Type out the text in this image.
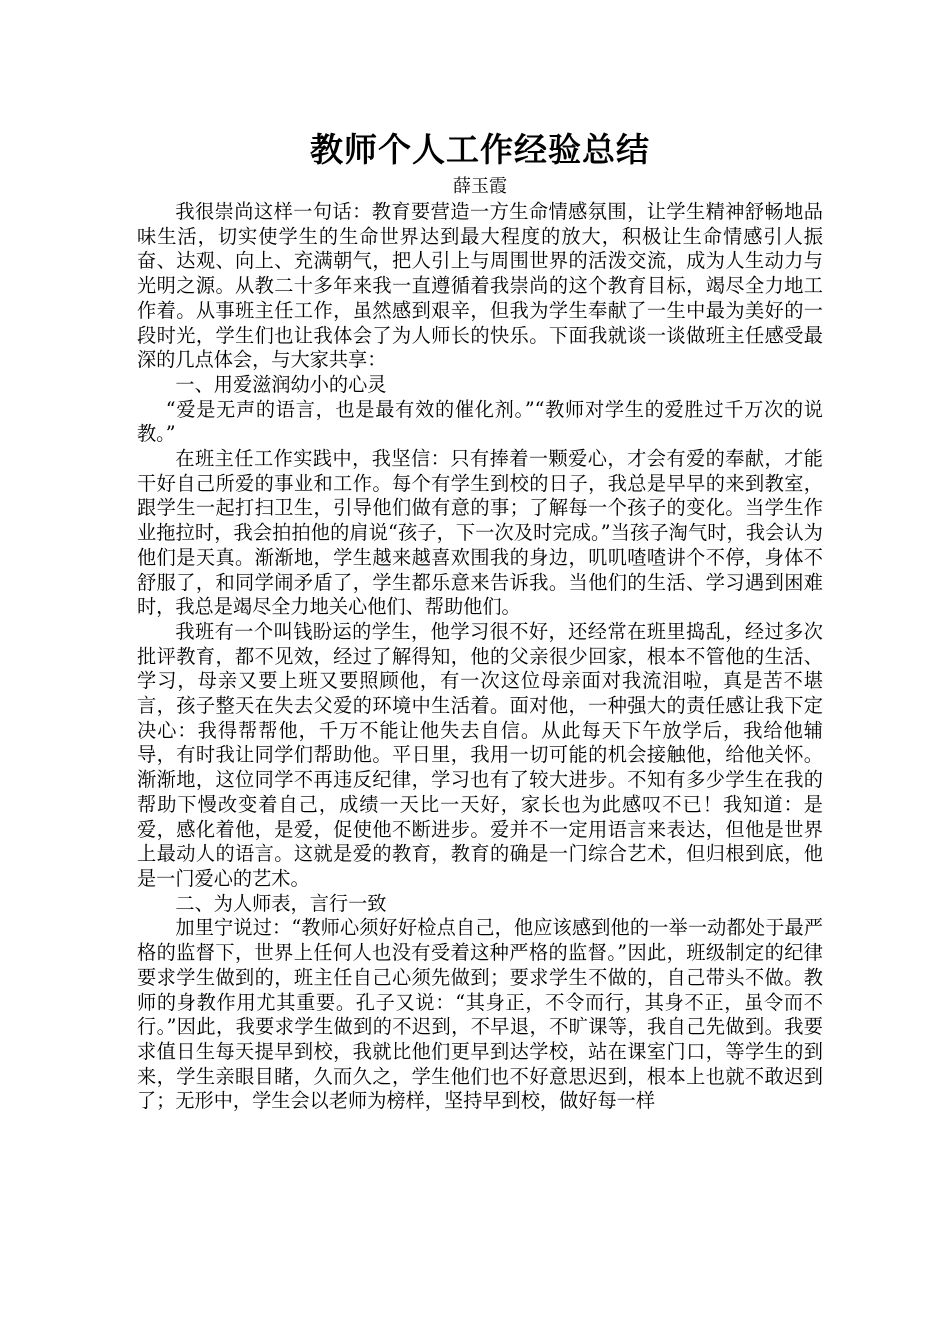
教师个人工作经验总结

薛玉霞

我很崇尚这样一句话：教育要营造一方生命情感氛围，让学生精神舒畅地品味生活，切实使学生的生命世界达到最大程度的放大，积极让生命情感引人振奋、达观、向上、充满朝气，把人引上与周围世界的活泼交流，成为人生动力与光明之源。从教二十多年来我一直遵循着我崇尚的这个教育目标，竭尽全力地工作着。从事班主任工作，虽然感到艰辛，但我为学生奉献了一生中最为美好的一段时光，学生们也让我体会了为人师长的快乐。下面我就谈一谈做班主任感受最深的几点体会，与大家共享：

一、用爱滋润幼小的心灵

“爱是无声的语言，也是最有效的催化剂。”“教师对学生的爱胜过千万次的说教。”

在班主任工作实践中，我坚信：只有捧着一颗爱心，才会有爱的奉献，才能干好自己所爱的事业和工作。每个有学生到校的日子，我总是早早的来到教室，跟学生一起打扫卫生，引导他们做有意的事；了解每一个孩子的变化。当学生作业拖拉时，我会拍拍他的肩说“孩子，下一次及时完成。”当孩子淘气时，我会认为他们是天真。渐渐地，学生越来越喜欢围我的身边，叽叽喳喳讲个不停，身体不舒服了，和同学闹矛盾了，学生都乐意来告诉我。当他们的生活、学习遇到困难时，我总是竭尽全力地关心他们、帮助他们。

我班有一个叫钱盼运的学生，他学习很不好，还经常在班里捣乱，经过多次批评教育，都不见效，经过了解得知，他的父亲很少回家，根本不管他的生活、学习，母亲又要上班又要照顾他，有一次这位母亲面对我流泪啦，真是苦不堪言，孩子整天在失去父爱的环境中生活着。面对他，一种强大的责任感让我下定决心：我得帮帮他，千万不能让他失去自信。从此每天下午放学后，我给他辅导，有时我让同学们帮助他。平日里，我用一切可能的机会接触他，给他关怀。渐渐地，这位同学不再违反纪律，学习也有了较大进步。不知有多少学生在我的帮助下慢改变着自己，成绩一天比一天好，家长也为此感叹不已！我知道：是爱，感化着他，是爱，促使他不断进步。爱并不一定用语言来表达，但他是世界上最动人的语言。这就是爱的教育，教育的确是一门综合艺术，但归根到底，他是一门爱心的艺术。

二、为人师表，言行一致

加里宁说过：“教师心须好好检点自己，他应该感到他的一举一动都处于最严格的监督下，世界上任何人也没有受着这种严格的监督。”因此，班级制定的纪律要求学生做到的，班主任自己心须先做到；要求学生不做的，自己带头不做。教师的身教作用尤其重要。孔子又说：“其身正，不令而行，其身不正，虽令而不行。”因此，我要求学生做到的不迟到，不早退，不旷课等，我自己先做到。我要求值日生每天提早到校，我就比他们更早到达学校，站在课室门口，等学生的到来，学生亲眼目睹，久而久之，学生他们也不好意思迟到，根本上也就不敢迟到了；无形中，学生会以老师为榜样，坚持早到校，做好每一样
